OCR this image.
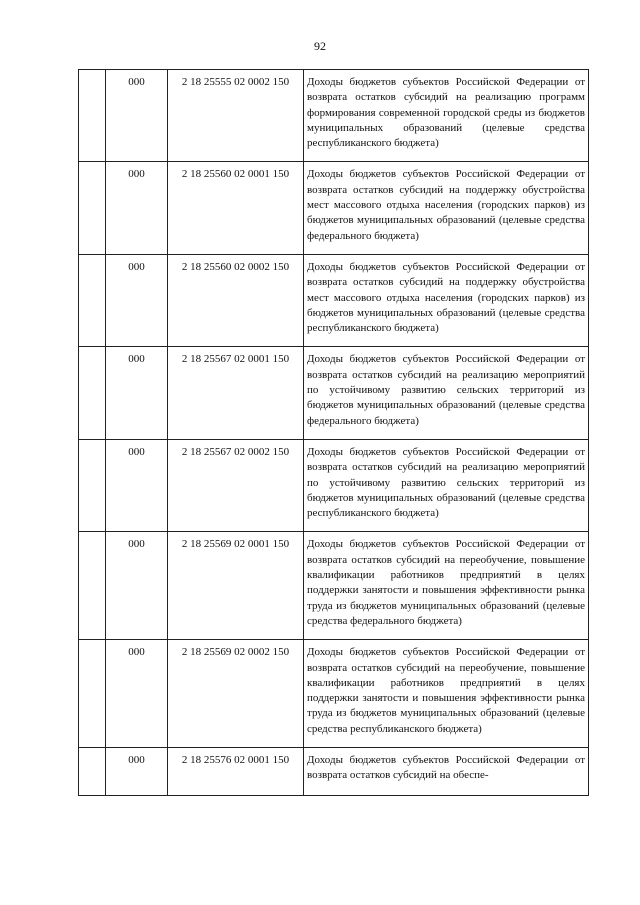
92
	000	2 18 25555 02 0002 150	Доходы бюджетов субъектов Российской Федерации от возврата остатков субсидий на реализацию программ формирования современной городской среды из бюджетов муниципальных образований (целевые средства республиканского бюджета)
	000	2 18 25560 02 0001 150	Доходы бюджетов субъектов Российской Федерации от возврата остатков субсидий на поддержку обустройства мест массового отдыха населения (городских парков) из бюджетов муниципальных образований (целевые средства федерального бюджета)
	000	2 18 25560 02 0002 150	Доходы бюджетов субъектов Российской Федерации от возврата остатков субсидий на поддержку обустройства мест массового отдыха населения (городских парков) из бюджетов муниципальных образований (целевые средства республиканского бюджета)
	000	2 18 25567 02 0001 150	Доходы бюджетов субъектов Российской Федерации от возврата остатков субсидий на реализацию мероприятий по устойчивому развитию сельских территорий из бюджетов муниципальных образований (целевые средства федерального бюджета)
	000	2 18 25567 02 0002 150	Доходы бюджетов субъектов Российской Федерации от возврата остатков субсидий на реализацию мероприятий по устойчивому развитию сельских территорий из бюджетов муниципальных образований (целевые средства республиканского бюджета)
	000	2 18 25569 02 0001 150	Доходы бюджетов субъектов Российской Федерации от возврата остатков субсидий на переобучение, повышение квалификации работников предприятий в целях поддержки занятости и повышения эффективности рынка труда из бюджетов муниципальных образований (целевые средства федерального бюджета)
	000	2 18 25569 02 0002 150	Доходы бюджетов субъектов Российской Федерации от возврата остатков субсидий на переобучение, повышение квалификации работников предприятий в целях поддержки занятости и повышения эффективности рынка труда из бюджетов муниципальных образований (целевые средства республиканского бюджета)
	000	2 18 25576 02 0001 150	Доходы бюджетов субъектов Российской Федерации от возврата остатков субсидий на обеспе-
